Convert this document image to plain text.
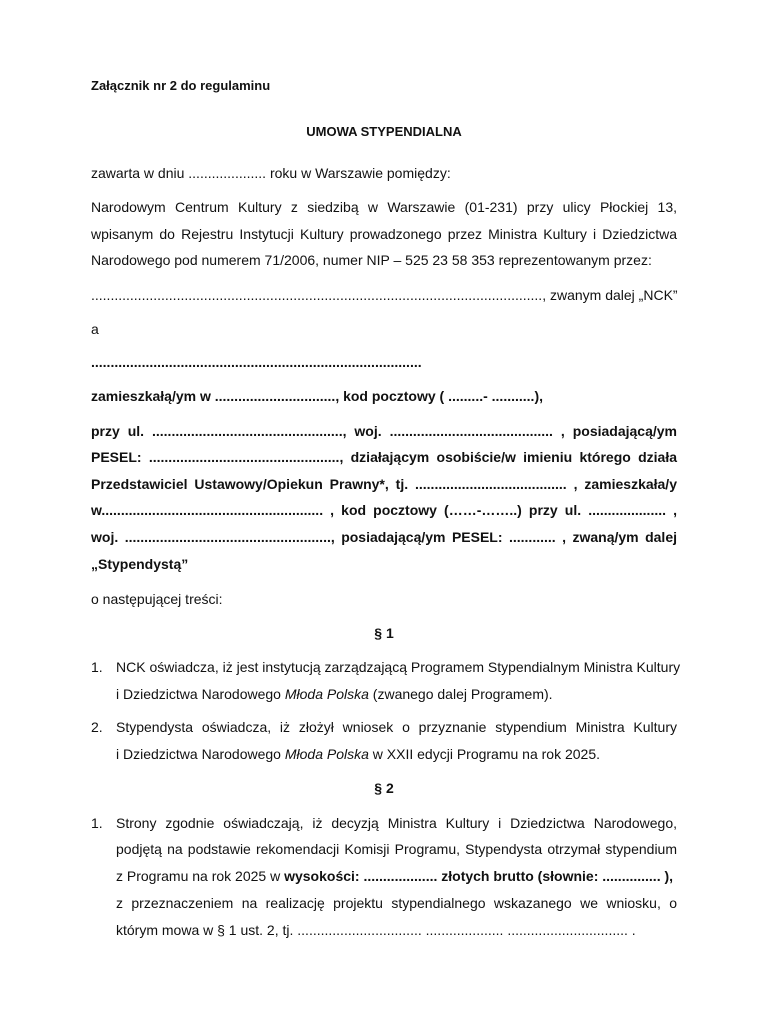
Załącznik nr 2 do regulaminu
UMOWA STYPENDIALNA
zawarta w dniu .................... roku w Warszawie pomiędzy:
Narodowym Centrum Kultury z siedzibą w Warszawie (01-231) przy ulicy Płockiej 13,
wpisanym do Rejestru Instytucji Kultury prowadzonego przez Ministra Kultury i Dziedzictwa
Narodowego pod numerem 71/2006, numer NIP – 525 23 58 353 reprezentowanym przez:
...................................................................................................................., zwanym dalej „NCK”
a
.....................................................................................
zamieszkałą/ym w ..............................., kod pocztowy ( .........- ...........),
przy ul. ................................................., woj. .......................................... , posiadającą/ym
PESEL: ................................................., działającym osobiście/w imieniu którego działa
Przedstawiciel Ustawowy/Opiekun Prawny*, tj. ....................................... , zamieszkała/y
w......................................................... , kod pocztowy (……-……..) przy ul. .................... ,
woj. ....................................................., posiadającą/ym PESEL: ............ , zwaną/ym dalej
„Stypendystą”
o następującej treści:
§ 1
1. NCK oświadcza, iż jest instytucją zarządzającą Programem Stypendialnym Ministra Kultury
i Dziedzictwa Narodowego Młoda Polska (zwanego dalej Programem).
2. Stypendysta oświadcza, iż złożył wniosek o przyznanie stypendium Ministra Kultury
i Dziedzictwa Narodowego Młoda Polska w XXII edycji Programu na rok 2025.
§ 2
1. Strony zgodnie oświadczają, iż decyzją Ministra Kultury i Dziedzictwa Narodowego,
podjętą na podstawie rekomendacji Komisji Programu, Stypendysta otrzymał stypendium
z Programu na rok 2025 w wysokości: ................... złotych brutto (słownie: ............... ),
z przeznaczeniem na realizację projektu stypendialnego wskazanego we wniosku, o
którym mowa w § 1 ust. 2, tj. ................................ .................... ............................... .
